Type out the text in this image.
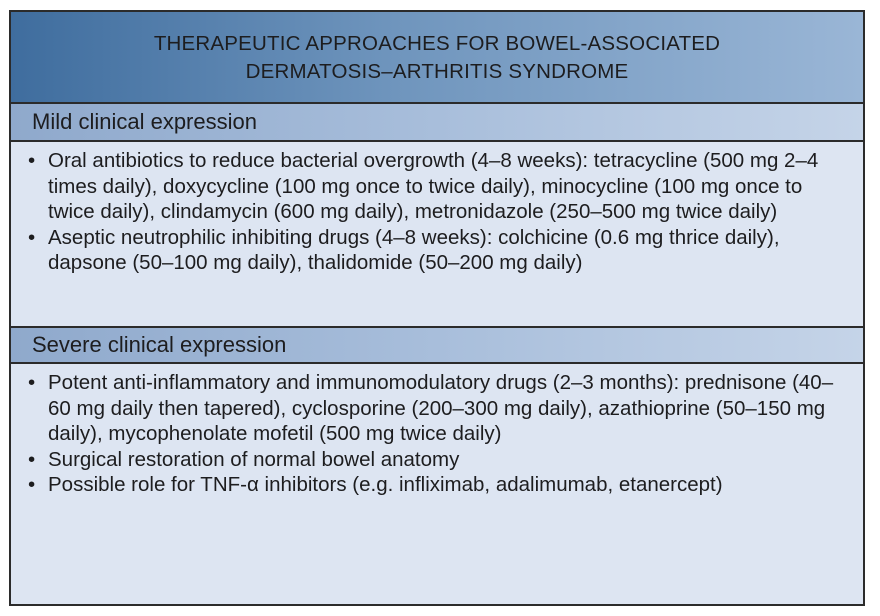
THERAPEUTIC APPROACHES FOR BOWEL-ASSOCIATED
DERMATOSIS–ARTHRITIS SYNDROME
Mild clinical expression
• Oral antibiotics to reduce bacterial overgrowth (4–8 weeks): tetracycline (500 mg 2–4 times daily), doxycycline (100 mg once to twice daily), minocycline (100 mg once to twice daily), clindamycin (600 mg daily), metronidazole (250–500 mg twice daily)
• Aseptic neutrophilic inhibiting drugs (4–8 weeks): colchicine (0.6 mg thrice daily), dapsone (50–100 mg daily), thalidomide (50–200 mg daily)
Severe clinical expression
• Potent anti-inflammatory and immunomodulatory drugs (2–3 months): prednisone (40–60 mg daily then tapered), cyclosporine (200–300 mg daily), azathioprine (50–150 mg daily), mycophenolate mofetil (500 mg twice daily)
• Surgical restoration of normal bowel anatomy
• Possible role for TNF-α inhibitors (e.g. infliximab, adalimumab, etanercept)
